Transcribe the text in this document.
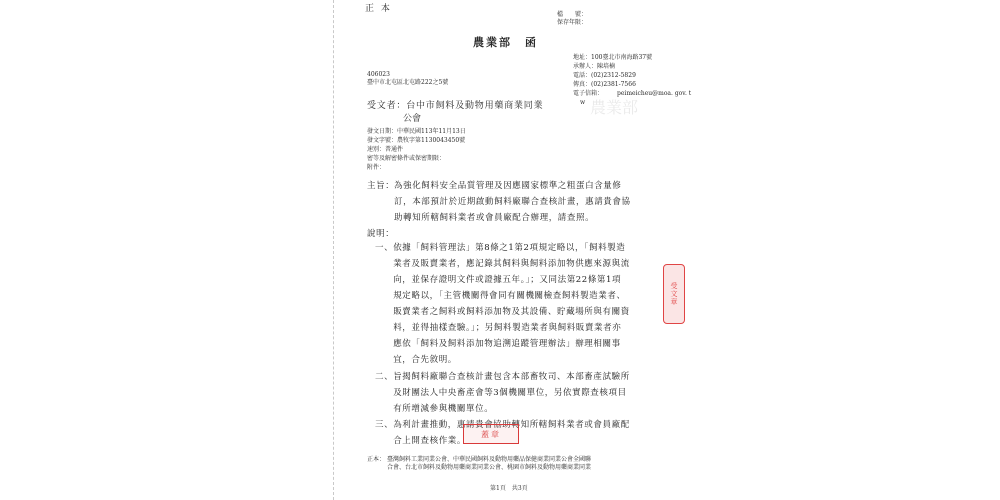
正 本
檔　　號：
保存年限：
農業部　函
地址：100臺北市南海路37號
承辦人：陳培楠
電話：(02)2312-5829
傳真：(02)2381-7566
電子信箱： peimeicheu@moa. gov. t
w
406023
臺中市北屯區北屯路222之5號
受文者：台中市飼料及動物用藥商業同業
公會
發文日期：中華民國113年11月13日
發文字號：農牧字第1130043450號
速別：普通件
密等及解密條件或保密期限：
附件：
主旨： 為強化飼料安全品質管理及因應國家標準之粗蛋白含量修
訂，本部預計於近期啟動飼料廠聯合查核計畫，惠請貴會協
助轉知所轄飼料業者或會員廠配合辦理，請查照。
說明：
一、依據「飼料管理法」第8條之1第2項規定略以，「飼料製造
　　業者及販賣業者，應記錄其飼料與飼料添加物供應來源與流
　　向，並保存證明文件或證據五年。」；又同法第22條第1項
　　規定略以，「主管機關得會同有關機關檢查飼料製造業者、
　　販賣業者之飼料或飼料添加物及其設備、貯藏場所與有關資
　　料，並得抽樣查驗。」；另飼料製造業者與飼料販賣業者亦
　　應依「飼料及飼料添加物追溯追蹤管理辦法」辦理相關事
　　宜，合先敘明。
二、旨揭飼料廠聯合查核計畫包含本部畜牧司、本部畜產試驗所
　　及財團法人中央畜產會等3個機關單位，另依實際查核項目
　　有所增減參與機關單位。
三、為利計畫推動，惠請貴會協助轉知所轄飼料業者或會員廠配
　　合上開查核作業。
蓋章
正本： 臺灣飼料工業同業公會、中華民國飼料及動物用藥品保健商業同業公會全國聯
合會、台北市飼料及動物用藥商業同業公會、桃園市飼料及動物用藥商業同業
第1頁　共3頁
農業部
受文章
